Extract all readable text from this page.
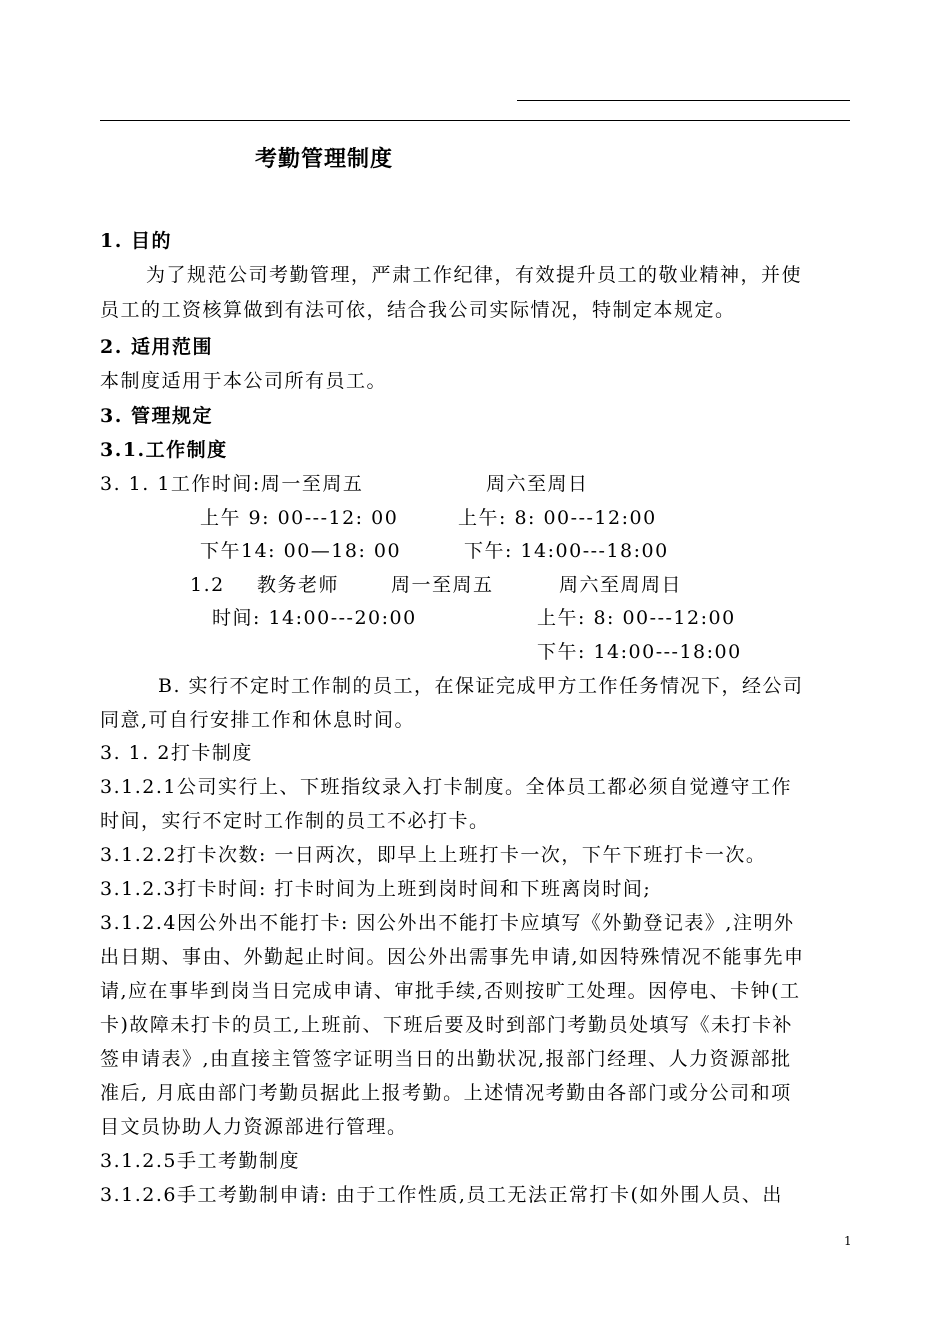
考勤管理制度
1. 目的
为了规范公司考勤管理，严肃工作纪律，有效提升员工的敬业精神，并使
员工的工资核算做到有法可依，结合我公司实际情况，特制定本规定。
2. 适用范围
本制度适用于本公司所有员工。
3. 管理规定
3.1.工作制度
3. 1. 1工作时间:周一至周五	周六至周日
上午 9: 00---12: 00	上午: 8: 00---12:00
下午14: 00—18: 00	下午: 14:00---18:00
1.2 教务老师	周一至周五	周六至周周日
时间: 14:00---20:00	上午: 8: 00---12:00
下午: 14:00---18:00
B. 实行不定时工作制的员工，在保证完成甲方工作任务情况下，经公司
同意,可自行安排工作和休息时间。
3. 1. 2打卡制度
3.1.2.1公司实行上、下班指纹录入打卡制度。全体员工都必须自觉遵守工作
时间，实行不定时工作制的员工不必打卡。
3.1.2.2打卡次数: 一日两次，即早上上班打卡一次，下午下班打卡一次。
3.1.2.3打卡时间: 打卡时间为上班到岗时间和下班离岗时间;
3.1.2.4因公外出不能打卡: 因公外出不能打卡应填写《外勤登记表》,注明外
出日期、事由、外勤起止时间。因公外出需事先申请,如因特殊情况不能事先申
请,应在事毕到岗当日完成申请、审批手续,否则按旷工处理。因停电、卡钟(工
卡)故障未打卡的员工,上班前、下班后要及时到部门考勤员处填写《未打卡补
签申请表》,由直接主管签字证明当日的出勤状况,报部门经理、人力资源部批
准后, 月底由部门考勤员据此上报考勤。上述情况考勤由各部门或分公司和项
目文员协助人力资源部进行管理。
3.1.2.5手工考勤制度
3.1.2.6手工考勤制申请: 由于工作性质,员工无法正常打卡(如外围人员、出
1
